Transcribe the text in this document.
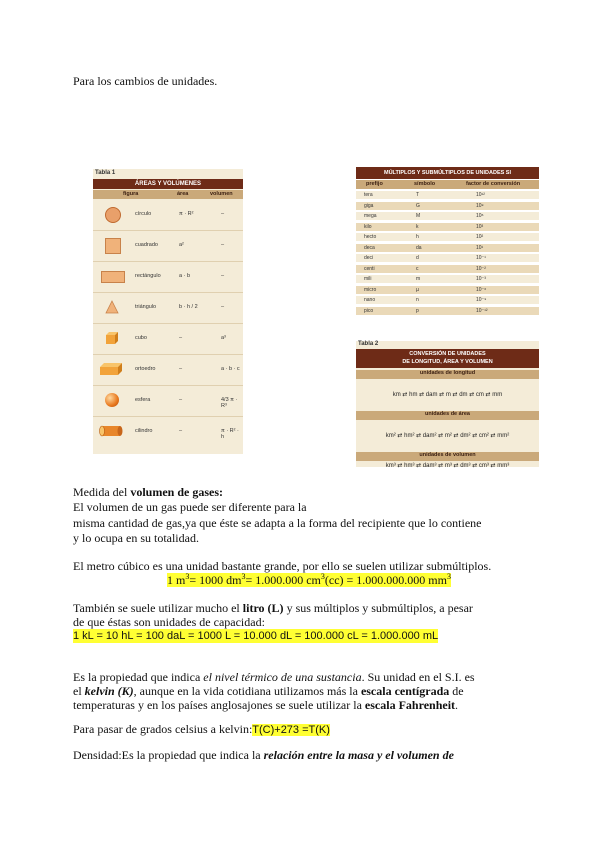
Para los cambios de unidades.
Tabla 1
ÁREAS Y VOLÚMENES
figura	área	volumen
círculo	π · R²	–
cuadrado	a²	–
rectángulo	a · b	–
triángulo	b · h / 2	–
cubo	–	a³
ortoedro	–	a · b · c
esfera	–	4/3 π · R³
cilindro	–	π · R² · h
MÚLTIPLOS Y SUBMÚLTIPLOS DE UNIDADES SI
prefijo	símbolo	factor de conversión
tera	T	10¹²
giga	G	10⁹
mega	M	10⁶
kilo	k	10³
hecto	h	10²
deca	da	10¹
deci	d	10⁻¹
centi	c	10⁻²
mili	m	10⁻³
micro	µ	10⁻⁶
nano	n	10⁻⁹
pico	p	10⁻¹²
Tabla 2
CONVERSIÓN DE UNIDADES
DE LONGITUD, ÁREA Y VOLUMEN
unidades de longitud
km ⇄ hm ⇄ dam ⇄ m ⇄ dm ⇄ cm ⇄ mm
unidades de área
km² ⇄ hm² ⇄ dam² ⇄ m² ⇄ dm² ⇄ cm² ⇄ mm²
unidades de volumen
km³ ⇄ hm³ ⇄ dam³ ⇄ m³ ⇄ dm³ ⇄ cm³ ⇄ mm³
Medida del volumen de gases:
El volumen de un gas puede ser diferente para la
misma cantidad de gas,ya que éste se adapta a la forma del recipiente que lo contiene
y lo ocupa en su totalidad.
El metro cúbico es una unidad bastante grande, por ello se suelen utilizar submúltiplos.
1 $m^3= 1000$ $dm^3= 1.000.000$ $cm^3(cc) = 1.000.000.000$ $mm^3$
También se suele utilizar mucho el litro (L) y sus múltiplos y submúltiplos, a pesar
de que éstas son unidades de capacidad:
1 kL = 10 hL = 100 daL = 1000 L = 10.000 dL = 100.000 cL = 1.000.000 mL
Es la propiedad que indica el nivel térmico de una sustancia. Su unidad en el S.I. es
el kelvin (K), aunque en la vida cotidiana utilizamos más la escala centígrada de
temperaturas y en los países anglosajones se suele utilizar la escala Fahrenheit.
Para pasar de grados celsius a kelvin:T(C)+273 =T(K)
Densidad:Es la propiedad que indica la relación entre la masa y el volumen de
